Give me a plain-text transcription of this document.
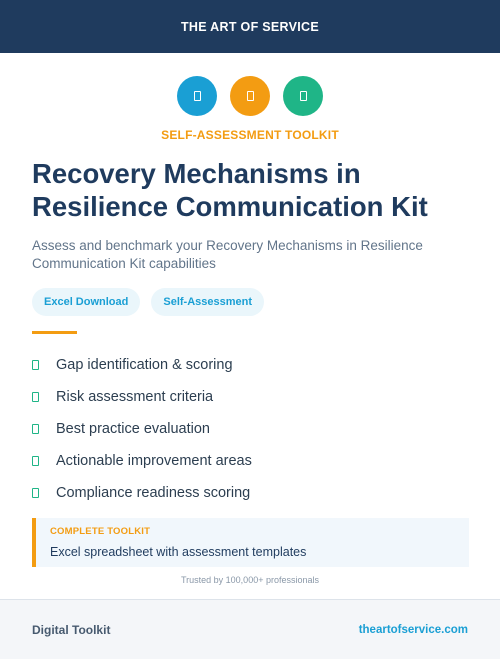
THE ART OF SERVICE
SELF-ASSESSMENT TOOLKIT
Recovery Mechanisms in Resilience Communication Kit

Assess and benchmark your Recovery Mechanisms in Resilience Communication Kit capabilities

Excel Download	Self-Assessment
Gap identification & scoring
Risk assessment criteria
Best practice evaluation
Actionable improvement areas
Compliance readiness scoring
COMPLETE TOOLKIT
Excel spreadsheet with assessment templates
Trusted by 100,000+ professionals
Digital Toolkit	theartofservice.com
